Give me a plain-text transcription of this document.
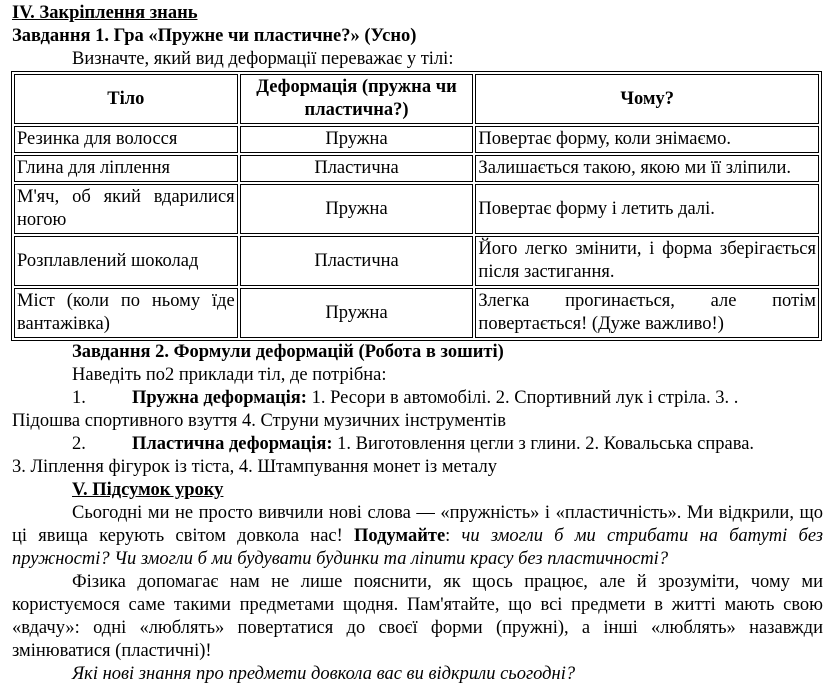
IV. Закріплення знань

Завдання 1. Гра «Пружне чи пластичне?» (Усно)

Визначте, який вид деформації переважає у тілі:

Тіло	Деформація (пружна чи пластична?)	Чому?
Резинка для волосся	Пружна	Повертає форму, коли знімаємо.
Глина для ліплення	Пластична	Залишається такою, якою ми її зліпили.
М'яч, об який вдарилися ногою	Пружна	Повертає форму і летить далі.
Розплавлений шоколад	Пластична	Його легко змінити, і форма зберігається після застигання.
Міст (коли по ньому їде вантажівка)	Пружна	Злегка прогинається, але потім повертається! (Дуже важливо!)

Завдання 2. Формули деформацій (Робота в зошиті)

Наведіть по2 приклади тіл, де потрібна:

1.	Пружна деформація: 1. Ресори в автомобілі. 2. Спортивний лук і стріла. 3. .

Підошва спортивного взуття 4. Струни музичних інструментів

2.	Пластична деформація: 1. Виготовлення цегли з глини. 2. Ковальська справа.

3. Ліплення фігурок із тіста, 4. Штампування монет із металу

V. Підсумок уроку

Сьогодні ми не просто вивчили нові слова — «пружність» і «пластичність». Ми відкрили, що ці явища керують світом довкола нас! Подумайте: чи змогли б ми стрибати на батуті без пружності? Чи змогли б ми будувати будинки та ліпити красу без пластичності?

Фізика допомагає нам не лише пояснити, як щось працює, але й зрозуміти, чому ми користуємося саме такими предметами щодня. Пам'ятайте, що всі предмети в житті мають свою «вдачу»: одні «люблять» повертатися до своєї форми (пружні), а інші «люблять» назавжди змінюватися (пластичні)!

Які нові знання про предмети довкола вас ви відкрили сьогодні?
